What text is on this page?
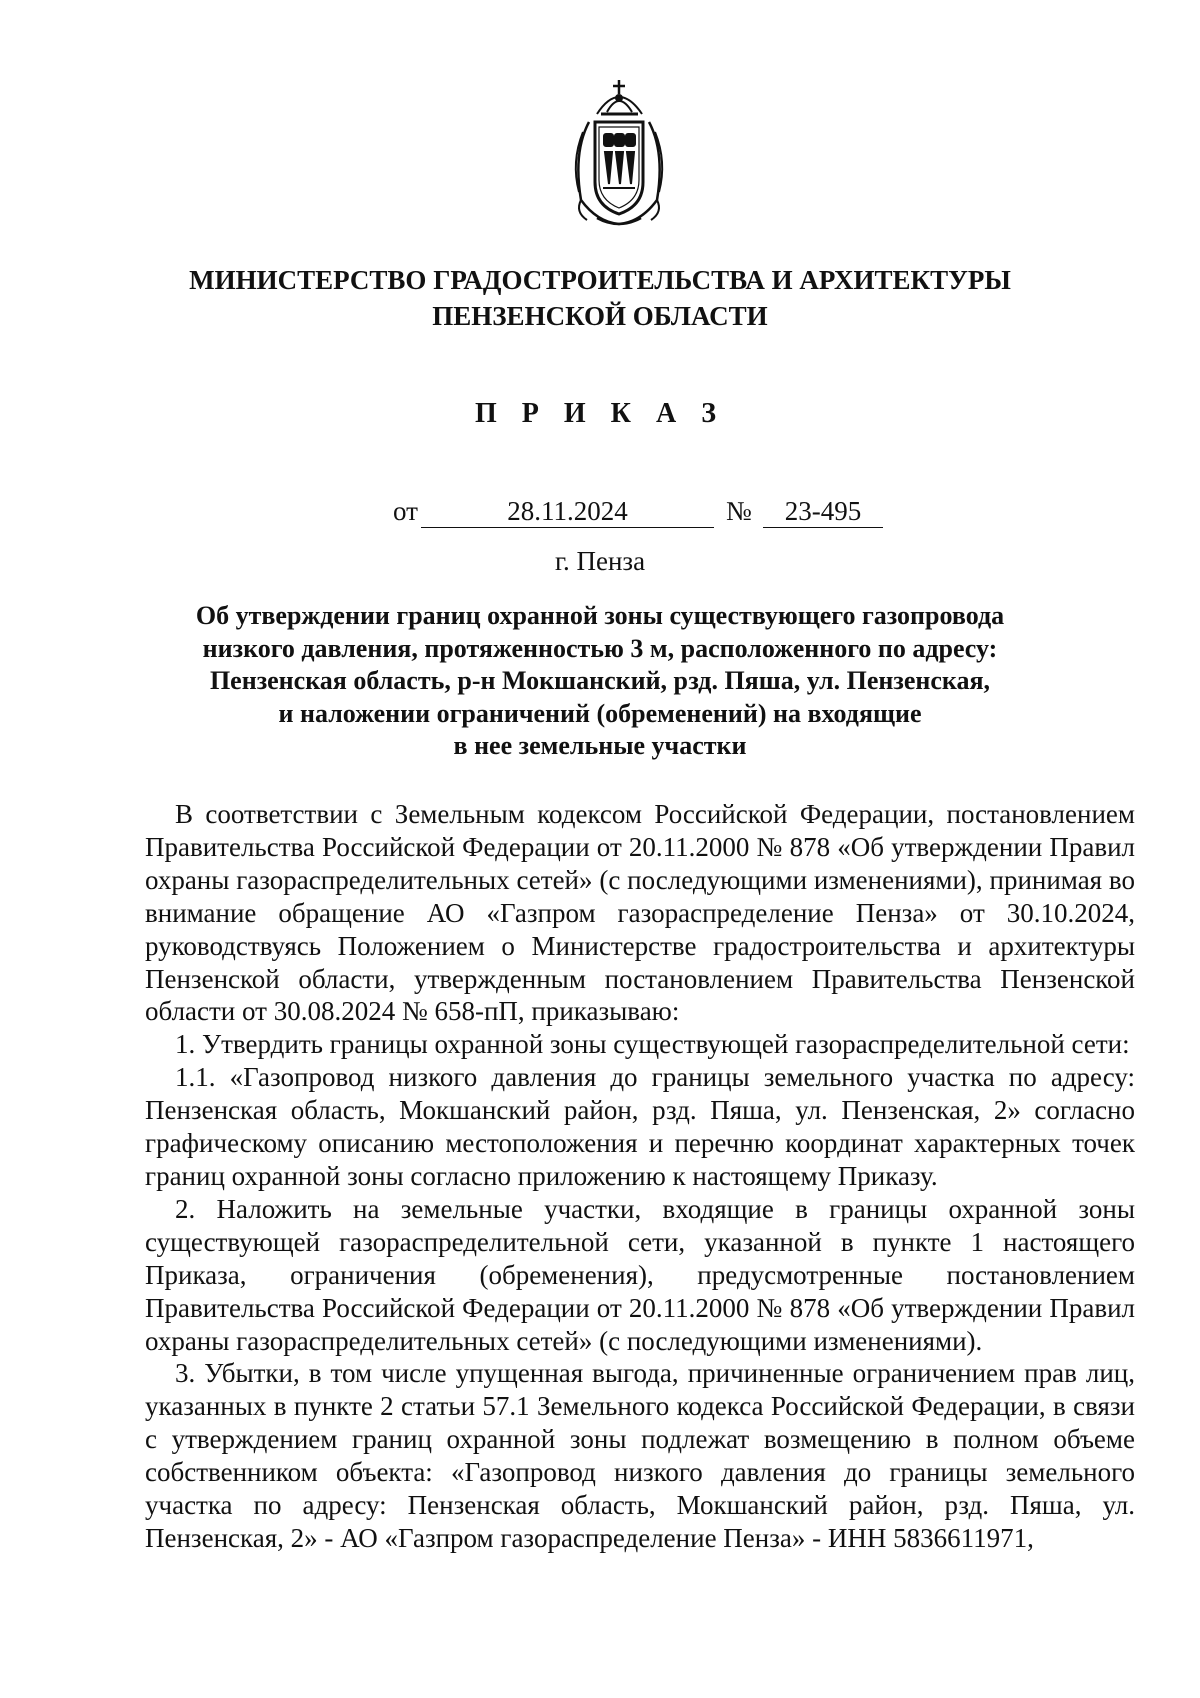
МИНИСТЕРСТВО ГРАДОСТРОИТЕЛЬСТВА И АРХИТЕКТУРЫ
ПЕНЗЕНСКОЙ ОБЛАСТИ
П Р И К А З
от	28.11.2024	№	23-495
г. Пенза
Об утверждении границ охранной зоны существующего газопровода
низкого давления, протяженностью 3 м, расположенного по адресу:
Пензенская область, р-н Мокшанский, рзд. Пяша, ул. Пензенская,
и наложении ограничений (обременений) на входящие
в нее земельные участки

В соответствии с Земельным кодексом Российской Федерации, постановлением Правительства Российской Федерации от 20.11.2000 № 878 «Об утверждении Правил охраны газораспределительных сетей» (с последующими изменениями), принимая во внимание обращение АО «Газпром газораспределение Пенза» от 30.10.2024, руководствуясь Положением о Министерстве градостроительства и архитектуры Пензенской области, утвержденным постановлением Правительства Пензенской области от 30.08.2024 № 658-пП, приказываю:

1. Утвердить границы охранной зоны существующей газораспределительной сети:

1.1. «Газопровод низкого давления до границы земельного участка по адресу: Пензенская область, Мокшанский район, рзд. Пяша, ул. Пензенская, 2» согласно графическому описанию местоположения и перечню координат характерных точек границ охранной зоны согласно приложению к настоящему Приказу.

2. Наложить на земельные участки, входящие в границы охранной зоны существующей газораспределительной сети, указанной в пункте 1 настоящего Приказа, ограничения (обременения), предусмотренные постановлением Правительства Российской Федерации от 20.11.2000 № 878 «Об утверждении Правил охраны газораспределительных сетей» (с последующими изменениями).

3. Убытки, в том числе упущенная выгода, причиненные ограничением прав лиц, указанных в пункте 2 статьи 57.1 Земельного кодекса Российской Федерации, в связи с утверждением границ охранной зоны подлежат возмещению в полном объеме собственником объекта: «Газопровод низкого давления до границы земельного участка по адресу: Пензенская область, Мокшанский район, рзд. Пяша, ул. Пензенская, 2» - АО «Газпром газораспределение Пенза» - ИНН 5836611971,
